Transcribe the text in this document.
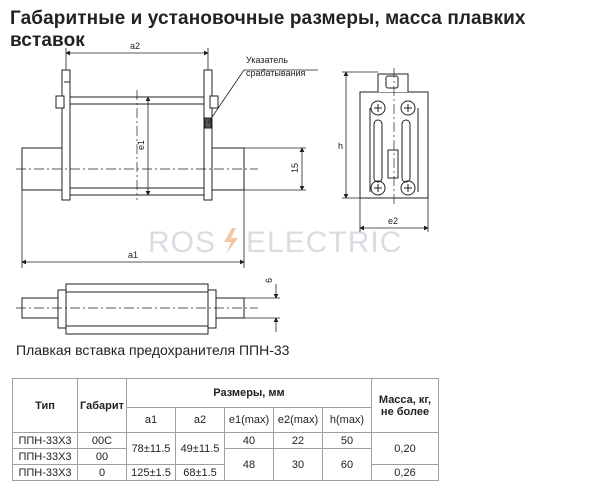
Габаритные и установочные размеры, масса плавких вставок
ROS ELECTRIC
a2
e1
15
Указатель
срабатывания
a1
h
e2
6
Плавкая вставка предохранителя ППН-33
Тип	Габарит	Размеры, мм					Масса, кг, не более
		a1	a2	e1(max)	e2(max)	h(max)	
ППН-33Х3	00С	78±11.5	49±11.5	40	22	50	0,20
ППН-33Х3	00			48	30	60	
ППН-33Х3	0	125±1.5	68±1.5				0,26
